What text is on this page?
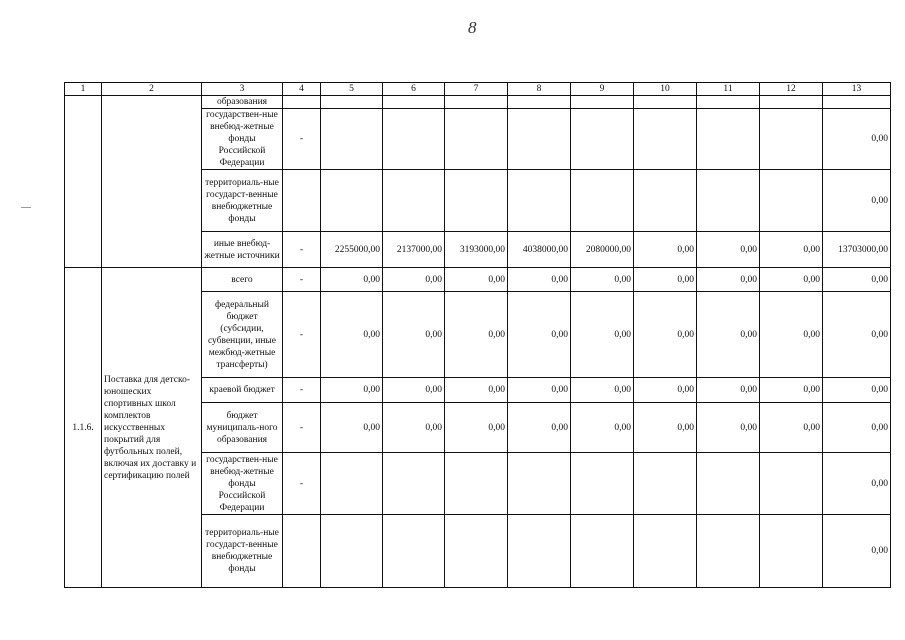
8
1	2	3	4	5	6	7	8	9	10	11	12	13
		образования										
		государствен-ные внебюд-жетные фонды Российской Федерации	-									0,00
		территориаль-ные государст-венные внебюджетные фонды										0,00
		иные внебюд-жетные источники	-	2255000,00	2137000,00	3193000,00	4038000,00	2080000,00	0,00	0,00	0,00	13703000,00
1.1.6.	Поставка для детско-юношеских спортивных школ комплектов искусственных покрытий для футбольных полей, включая их доставку и сертификацию полей	всего	-	0,00	0,00	0,00	0,00	0,00	0,00	0,00	0,00	0,00
		федеральный бюджет (субсидии, субвенции, иные межбюд-жетные трансферты)	-	0,00	0,00	0,00	0,00	0,00	0,00	0,00	0,00	0,00
		краевой бюджет	-	0,00	0,00	0,00	0,00	0,00	0,00	0,00	0,00	0,00
		бюджет муниципаль-ного образования	-	0,00	0,00	0,00	0,00	0,00	0,00	0,00	0,00	0,00
		государствен-ные внебюд-жетные фонды Российской Федерации	-									0,00
		территориаль-ные государст-венные внебюджетные фонды										0,00
